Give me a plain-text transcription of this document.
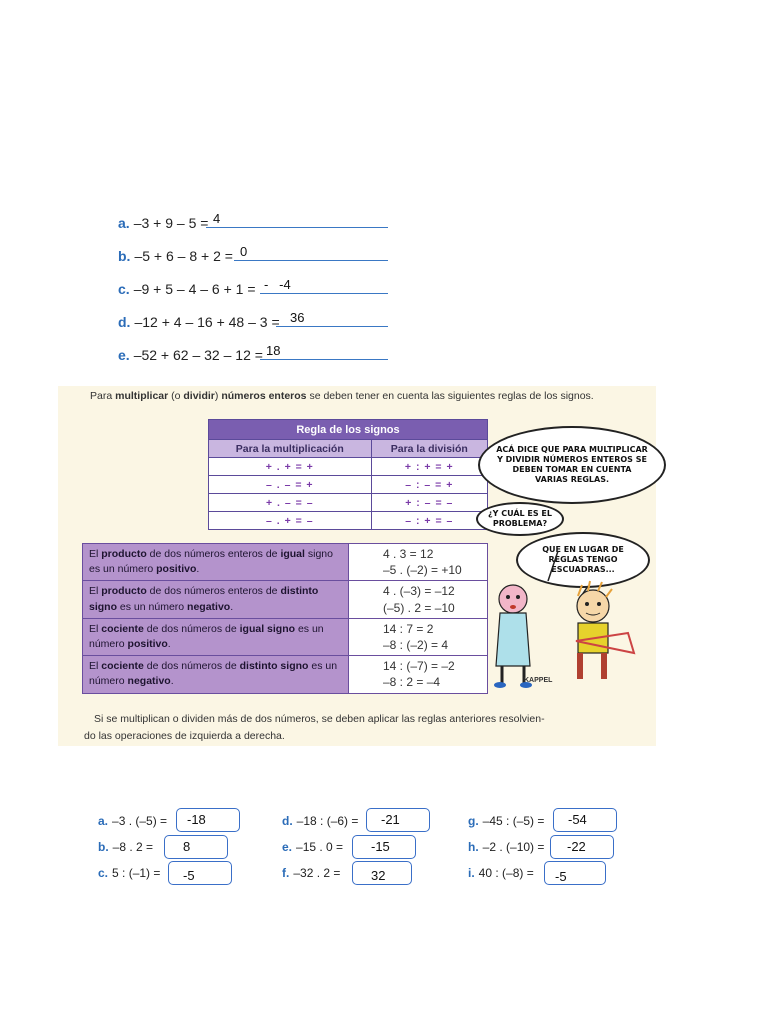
a. –3 + 9 – 5 = 4
b. –5 + 6 – 8 + 2 = 0
c. –9 + 5 – 4 – 6 + 1 = -   -4
d. –12 + 4 – 16 + 48 – 3 = 36
e. –52 + 62 – 32 – 12 = 18
Para multiplicar (o dividir) números enteros se deben tener en cuenta las siguientes reglas de los signos.
Regla de los signos	
Para la multiplicación	Para la división
+ . + = +	+ : + = +
– . – = +	– : – = +
+ . – = –	+ : – = –
– . + = –	– : + = –
El producto de dos números enteros de igual signo es un número positivo.	4 . 3 = 12
–5 . (–2) = +10

El producto de dos números enteros de distinto signo es un número negativo.	4 . (–3) = –12
(–5) . 2 = –10

El cociente de dos números de igual signo es un número positivo.	14 : 7 = 2
–8 : (–2) = 4

El cociente de dos números de distinto signo es un número negativo.	14 : (–7) = –2
–8 : 2 = –4
ACÁ DICE QUE PARA MULTIPLICAR Y DIVIDIR NÚMEROS ENTEROS SE DEBEN TOMAR EN CUENTA VARIAS REGLAS.
¿Y CUÁL ES EL PROBLEMA?
QUE EN LUGAR DE REGLAS TENGO ESCUADRAS...
KAPPEL
Si se multiplican o dividen más de dos números, se deben aplicar las reglas anteriores resolvien-
do las operaciones de izquierda a derecha.
a. –3 . (–5) =	-18
b. –8 . 2 =	8
c. 5 : (–1) =	-5
d. –18 : (–6) =	-21
e. –15 . 0 =	-15
f. –32 . 2 =	32
g. –45 : (–5) =	-54
h. –2 . (–10) =	-22
i. 40 : (–8) =	-5
